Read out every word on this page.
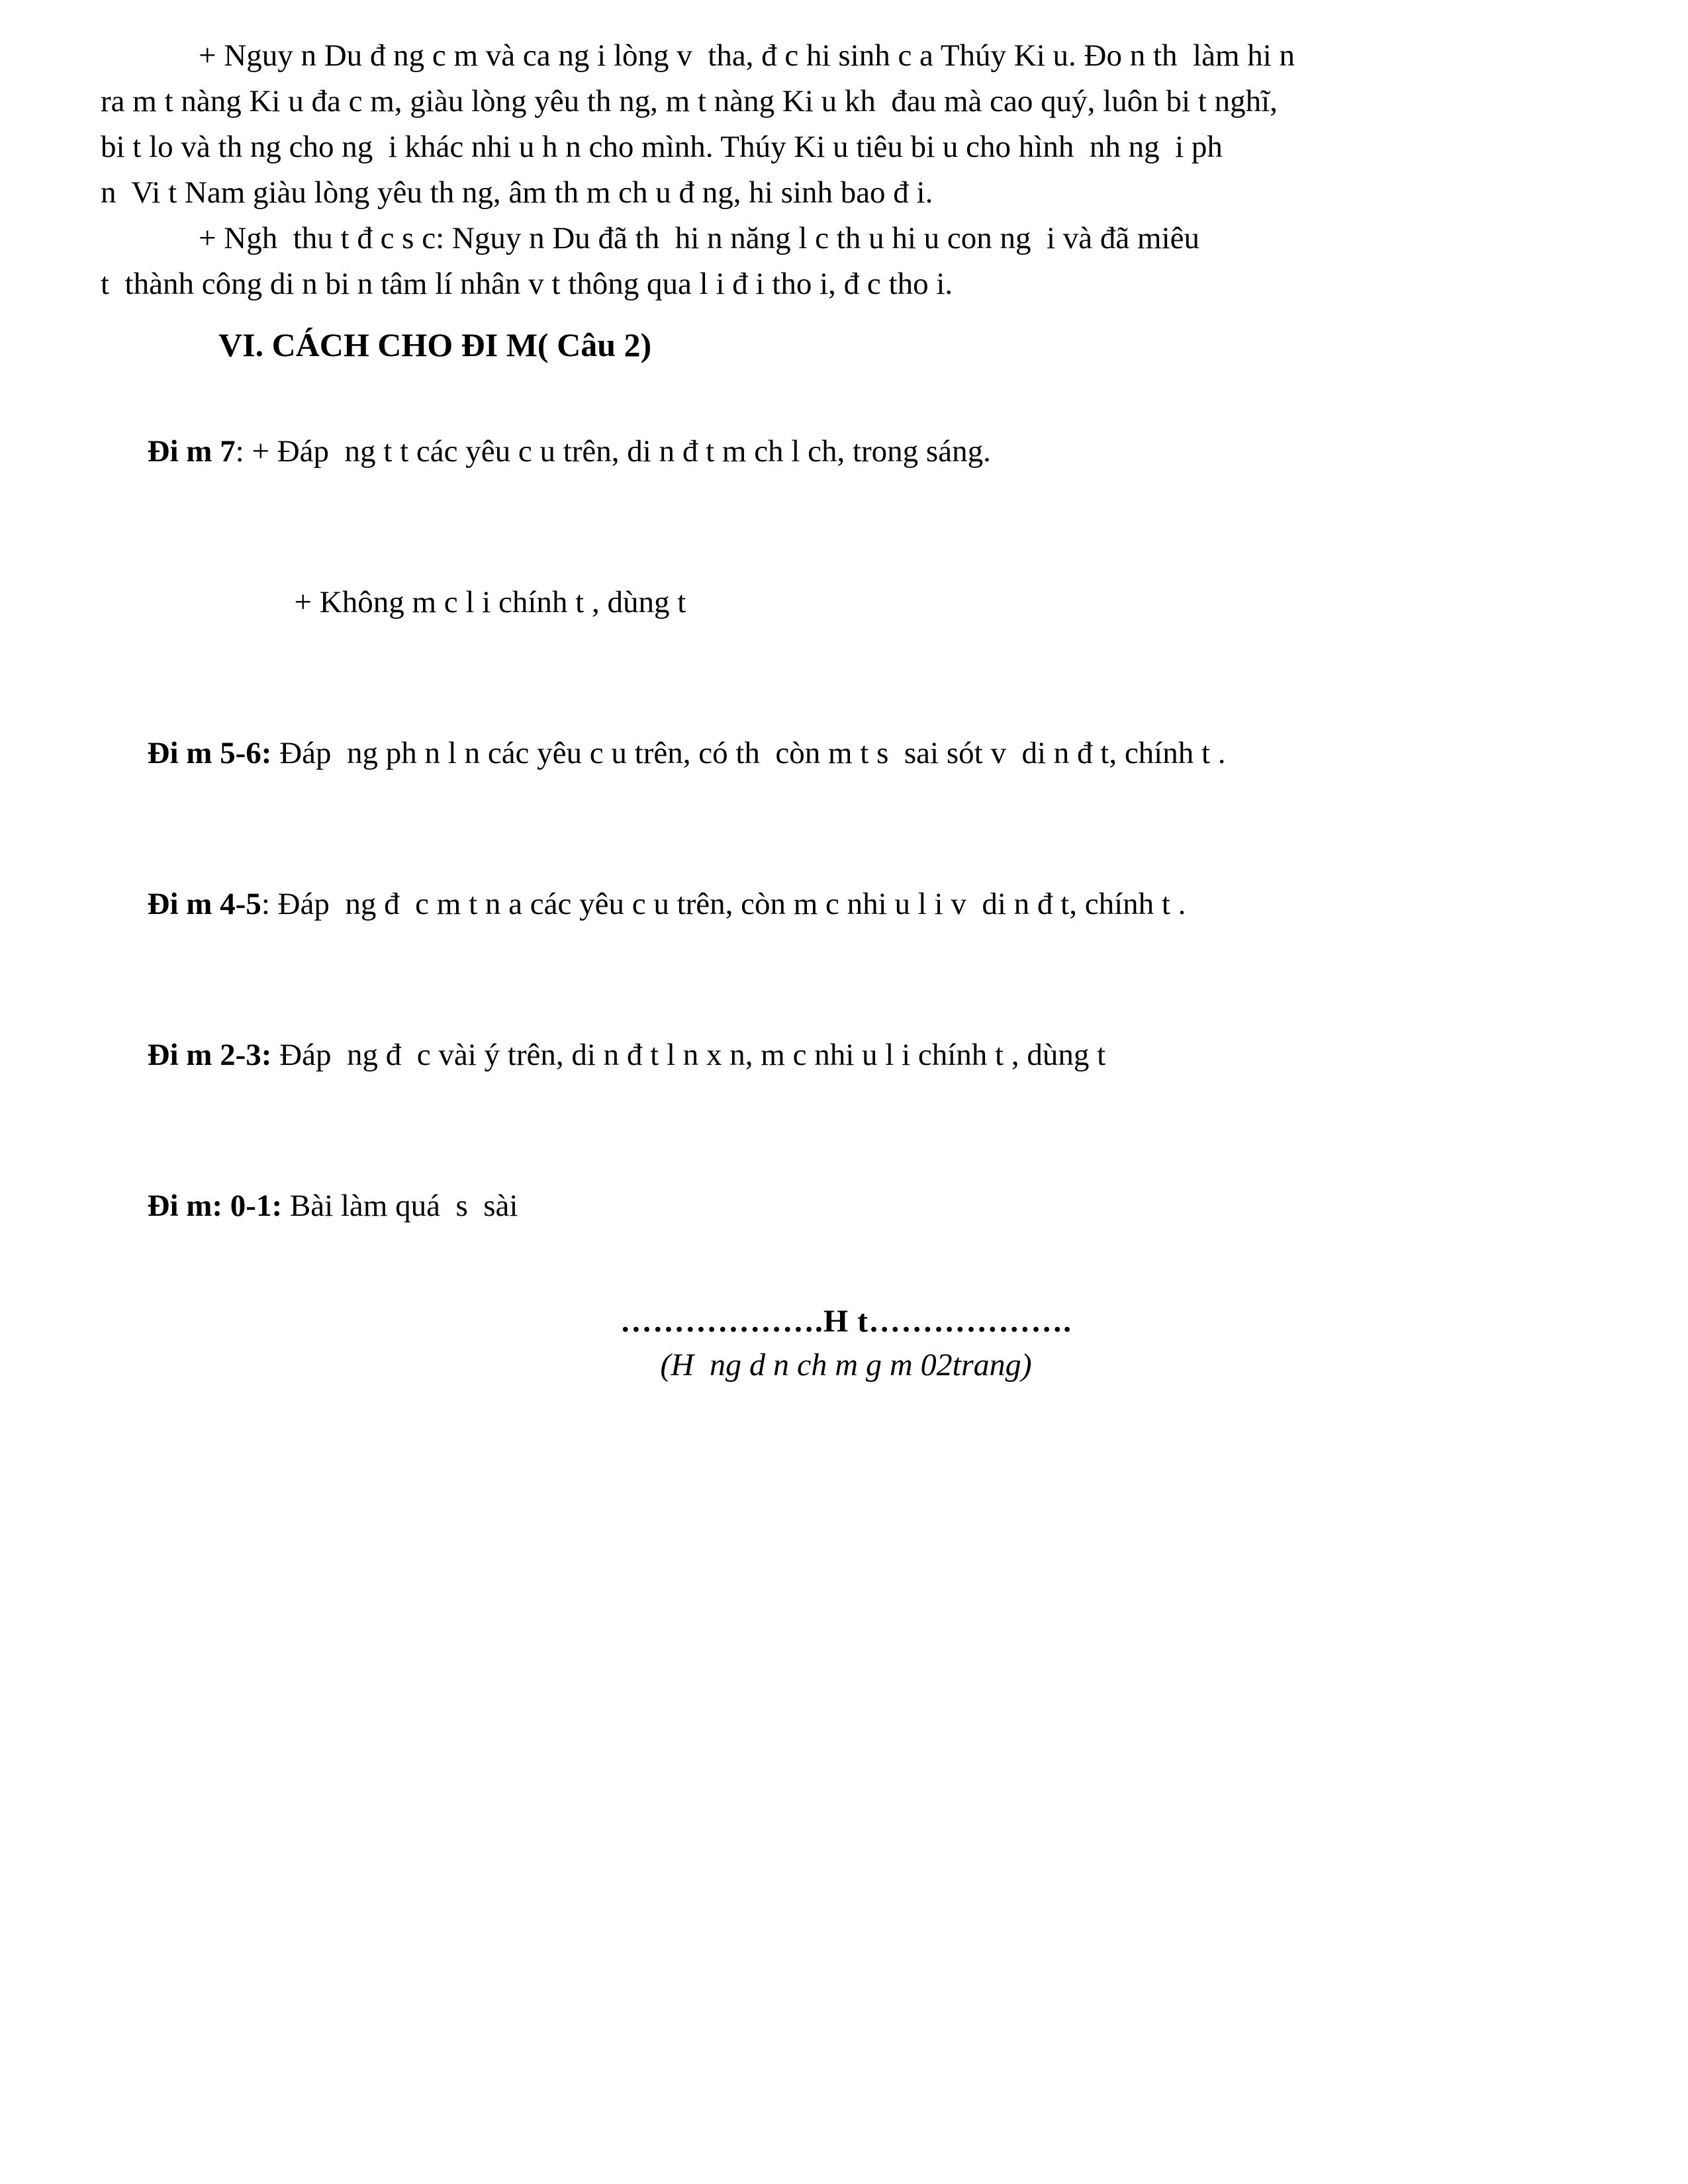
+ Nguy n Du đ ng c m và ca ng i lòng v  tha, đ c hi sinh c a Thúy Ki u. Đo n th  làm hi n
ra m t nàng Ki u đa c m, giàu lòng yêu th ng, m t nàng Ki u kh  đau mà cao quý, luôn bi t nghĩ,
bi t lo và th ng cho ng  i khác nhi u h n cho mình. Thúy Ki u tiêu bi u cho hình  nh ng  i ph
n  Vi t Nam giàu lòng yêu th ng, âm th m ch u đ ng, hi sinh bao đ i.
+ Ngh  thu t đ c s c: Nguy n Du đã th  hi n năng l c th u hi u con ng  i và đã miêu
t  thành công di n bi n tâm lí nhân v t thông qua l i đ i tho i, đ c tho i.
VI. CÁCH CHO ĐI M( Câu 2)

Đi m 7: + Đáp  ng t t các yêu c u trên, di n đ t m ch l ch, trong sáng.

+ Không m c l i chính t , dùng t

Đi m 5-6: Đáp  ng ph n l n các yêu c u trên, có th  còn m t s  sai sót v  di n đ t, chính t .

Đi m 4-5: Đáp  ng đ  c m t n a các yêu c u trên, còn m c nhi u l i v  di n đ t, chính t .

Đi m 2-3: Đáp  ng đ  c vài ý trên, di n đ t l n x n, m c nhi u l i chính t , dùng t

Đi m: 0-1: Bài làm quá  s  sài

……………….H t……………….
(H  ng d n ch m g m 02trang)
